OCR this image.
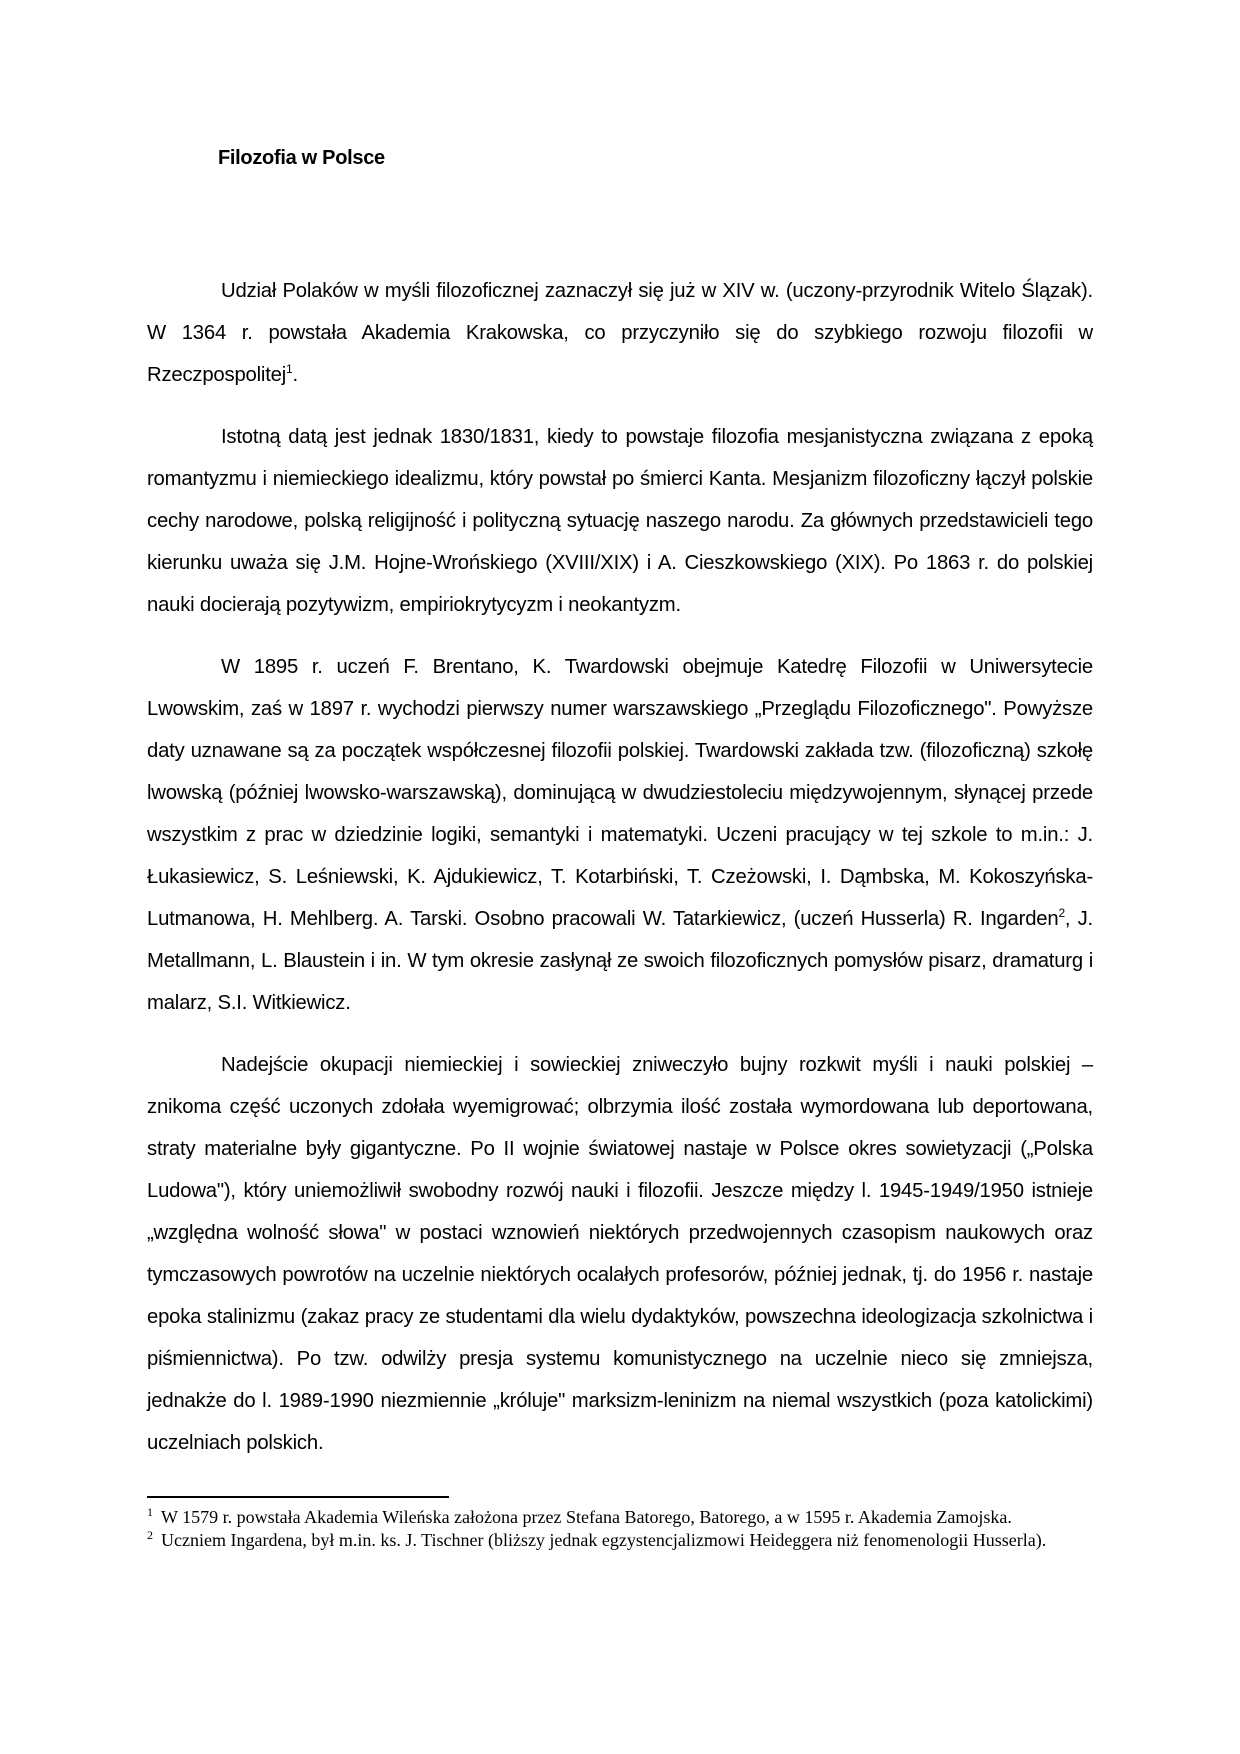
Filozofia w Polsce

Udział Polaków w myśli filozoficznej zaznaczył się już w XIV w. (uczony-przyrodnik Witelo Ślązak). W 1364 r. powstała Akademia Krakowska, co przyczyniło się do szybkiego rozwoju filozofii w Rzeczpospolitej$^1$.

Istotną datą jest jednak 1830/1831, kiedy to powstaje filozofia mesjanistyczna związana z epoką romantyzmu i niemieckiego idealizmu, który powstał po śmierci Kanta. Mesjanizm filozoficzny łączył polskie cechy narodowe, polską religijność i polityczną sytuację naszego narodu. Za głównych przedstawicieli tego kierunku uważa się J.M. Hojne-Wrońskiego (XVIII/XIX) i A. Cieszkowskiego (XIX). Po 1863 r. do polskiej nauki docierają pozytywizm, empiriokrytycyzm i neokantyzm.

W 1895 r. uczeń F. Brentano, K. Twardowski obejmuje Katedrę Filozofii w Uniwersytecie Lwowskim, zaś w 1897 r. wychodzi pierwszy numer warszawskiego „Przeglądu Filozoficznego". Powyższe daty uznawane są za początek współczesnej filozofii polskiej. Twardowski zakłada tzw. (filozoficzną) szkołę lwowską (później lwowsko-warszawską), dominującą w dwudziestoleciu międzywojennym, słynącej przede wszystkim z prac w dziedzinie logiki, semantyki i matematyki. Uczeni pracujący w tej szkole to m.in.: J. Łukasiewicz, S. Leśniewski, K. Ajdukiewicz, T. Kotarbiński, T. Czeżowski, I. Dąmbska, M. Kokoszyńska-Lutmanowa, H. Mehlberg. A. Tarski. Osobno pracowali W. Tatarkiewicz, (uczeń Husserla) R. Ingarden$^2$, J. Metallmann, L. Blaustein i in. W tym okresie zasłynął ze swoich filozoficznych pomysłów pisarz, dramaturg i malarz, S.I. Witkiewicz.

Nadejście okupacji niemieckiej i sowieckiej zniweczyło bujny rozkwit myśli i nauki polskiej – znikoma część uczonych zdołała wyemigrować; olbrzymia ilość została wymordowana lub deportowana, straty materialne były gigantyczne. Po II wojnie światowej nastaje w Polsce okres sowietyzacji („Polska Ludowa"), który uniemożliwił swobodny rozwój nauki i filozofii. Jeszcze między l. 1945-1949/1950 istnieje „względna wolność słowa" w postaci wznowień niektórych przedwojennych czasopism naukowych oraz tymczasowych powrotów na uczelnie niektórych ocalałych profesorów, później jednak, tj. do 1956 r. nastaje epoka stalinizmu (zakaz pracy ze studentami dla wielu dydaktyków, powszechna ideologizacja szkolnictwa i piśmiennictwa). Po tzw. odwilży presja systemu komunistycznego na uczelnie nieco się zmniejsza, jednakże do l. 1989-1990 niezmiennie „króluje" marksizm-leninizm na niemal wszystkich (poza katolickimi) uczelniach polskich.

$^1$ W 1579 r. powstała Akademia Wileńska założona przez Stefana Batorego, Batorego, a w 1595 r. Akademia Zamojska.

$^2$ Uczniem Ingardena, był m.in. ks. J. Tischner (bliższy jednak egzystencjalizmowi Heideggera niż fenomenologii Husserla).
